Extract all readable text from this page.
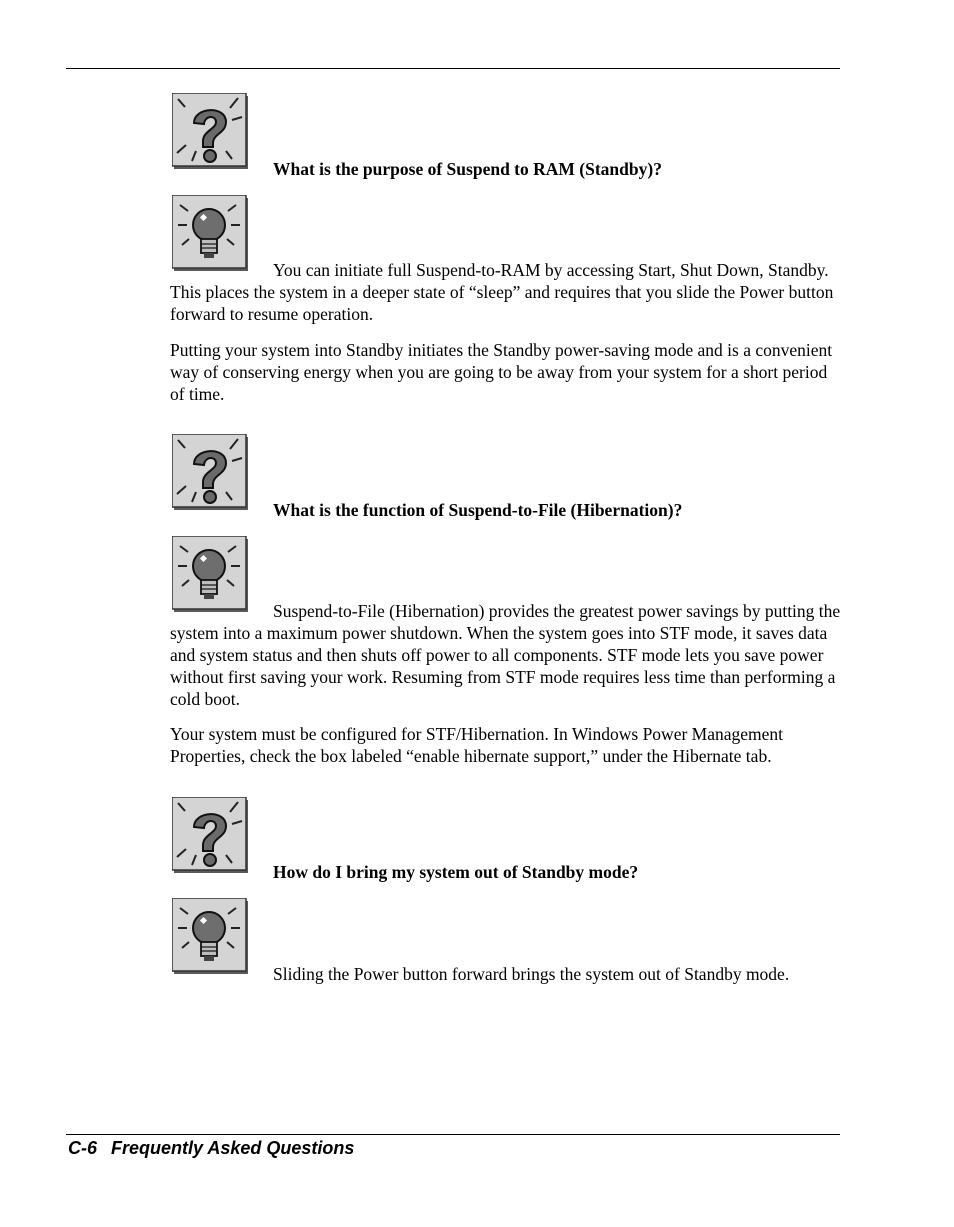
What is the purpose of Suspend to RAM (Standby)?
You can initiate full Suspend-to-RAM by accessing Start, Shut Down, Standby. This places the system in a deeper state of “sleep” and requires that you slide the Power button forward to resume operation.
Putting your system into Standby initiates the Standby power-saving mode and is a convenient way of conserving energy when you are going to be away from your system for a short period of time.
What is the function of Suspend-to-File (Hibernation)?
Suspend-to-File (Hibernation) provides the greatest power savings by putting the system into a maximum power shutdown. When the system goes into STF mode, it saves data and system status and then shuts off power to all components. STF mode lets you save power without first saving your work. Resuming from STF mode requires less time than performing a cold boot.
Your system must be configured for STF/Hibernation. In Windows Power Management Properties, check the box labeled “enable hibernate support,” under the Hibernate tab.
How do I bring my system out of Standby mode?
Sliding the Power button forward brings the system out of Standby mode.
C-6 Frequently Asked Questions
